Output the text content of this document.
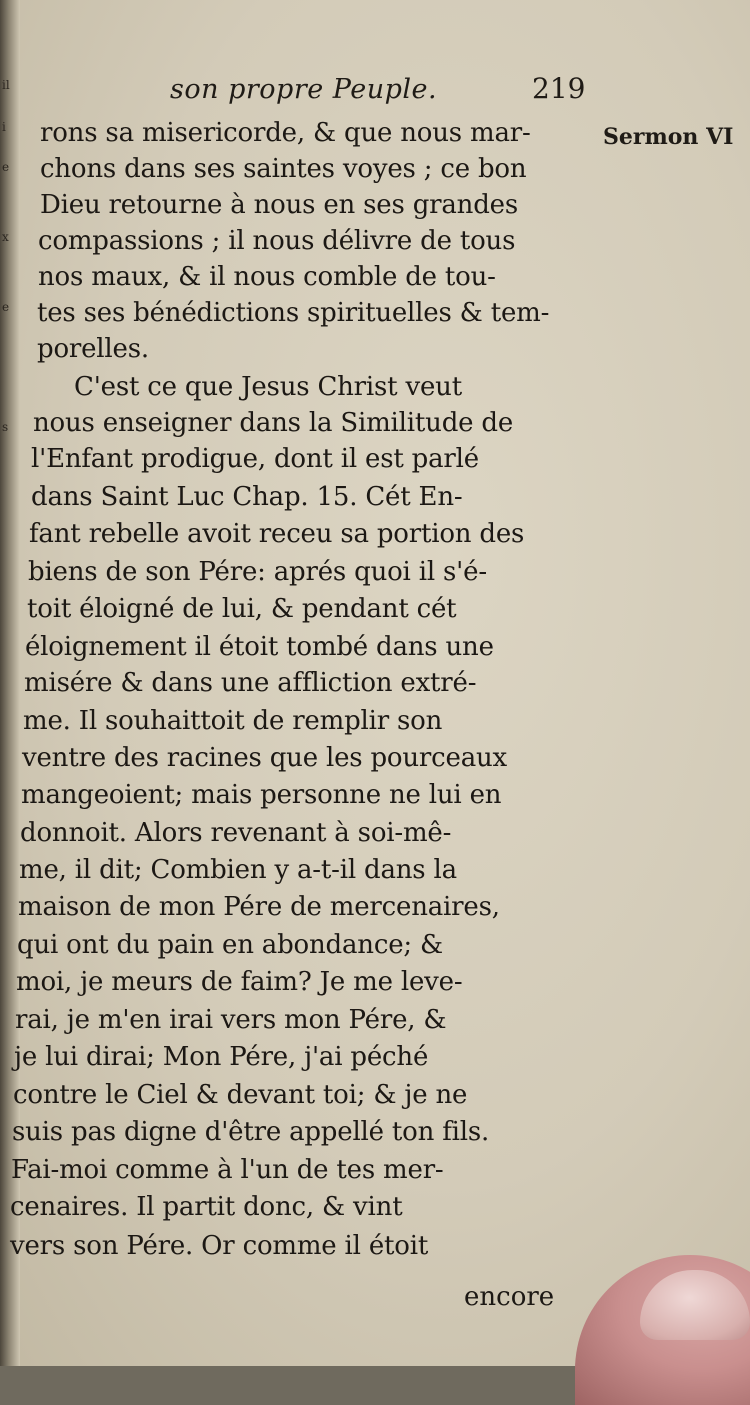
il
i
e
x
e
s
son propre Peuple.	219
Sermon VI
rons sa misericorde, & que nous mar-
chons dans ses saintes voyes ; ce bon
Dieu retourne à nous en ses grandes
compassions ; il nous délivre de tous
nos maux, & il nous comble de tou-
tes ses bénédictions spirituelles & tem-
porelles.
C'est ce que Jesus Christ veut
nous enseigner dans la Similitude de
l'Enfant prodigue, dont il est parlé
dans Saint Luc Chap. 15. Cét En-
fant rebelle avoit receu sa portion des
biens de son Pére: aprés quoi il s'é-
toit éloigné de lui, & pendant cét
éloignement il étoit tombé dans une
misére & dans une affliction extré-
me. Il souhaittoit de remplir son
ventre des racines que les pourceaux
mangeoient; mais personne ne lui en
donnoit. Alors revenant à soi-mê-
me, il dit; Combien y a-t-il dans la
maison de mon Pére de mercenaires,
qui ont du pain en abondance; &
moi, je meurs de faim? Je me leve-
rai, je m'en irai vers mon Pére, &
je lui dirai; Mon Pére, j'ai péché
contre le Ciel & devant toi; & je ne
suis pas digne d'être appellé ton fils.
Fai-moi comme à l'un de tes mer-
cenaires. Il partit donc, & vint
vers son Pére. Or comme il étoit
encore
